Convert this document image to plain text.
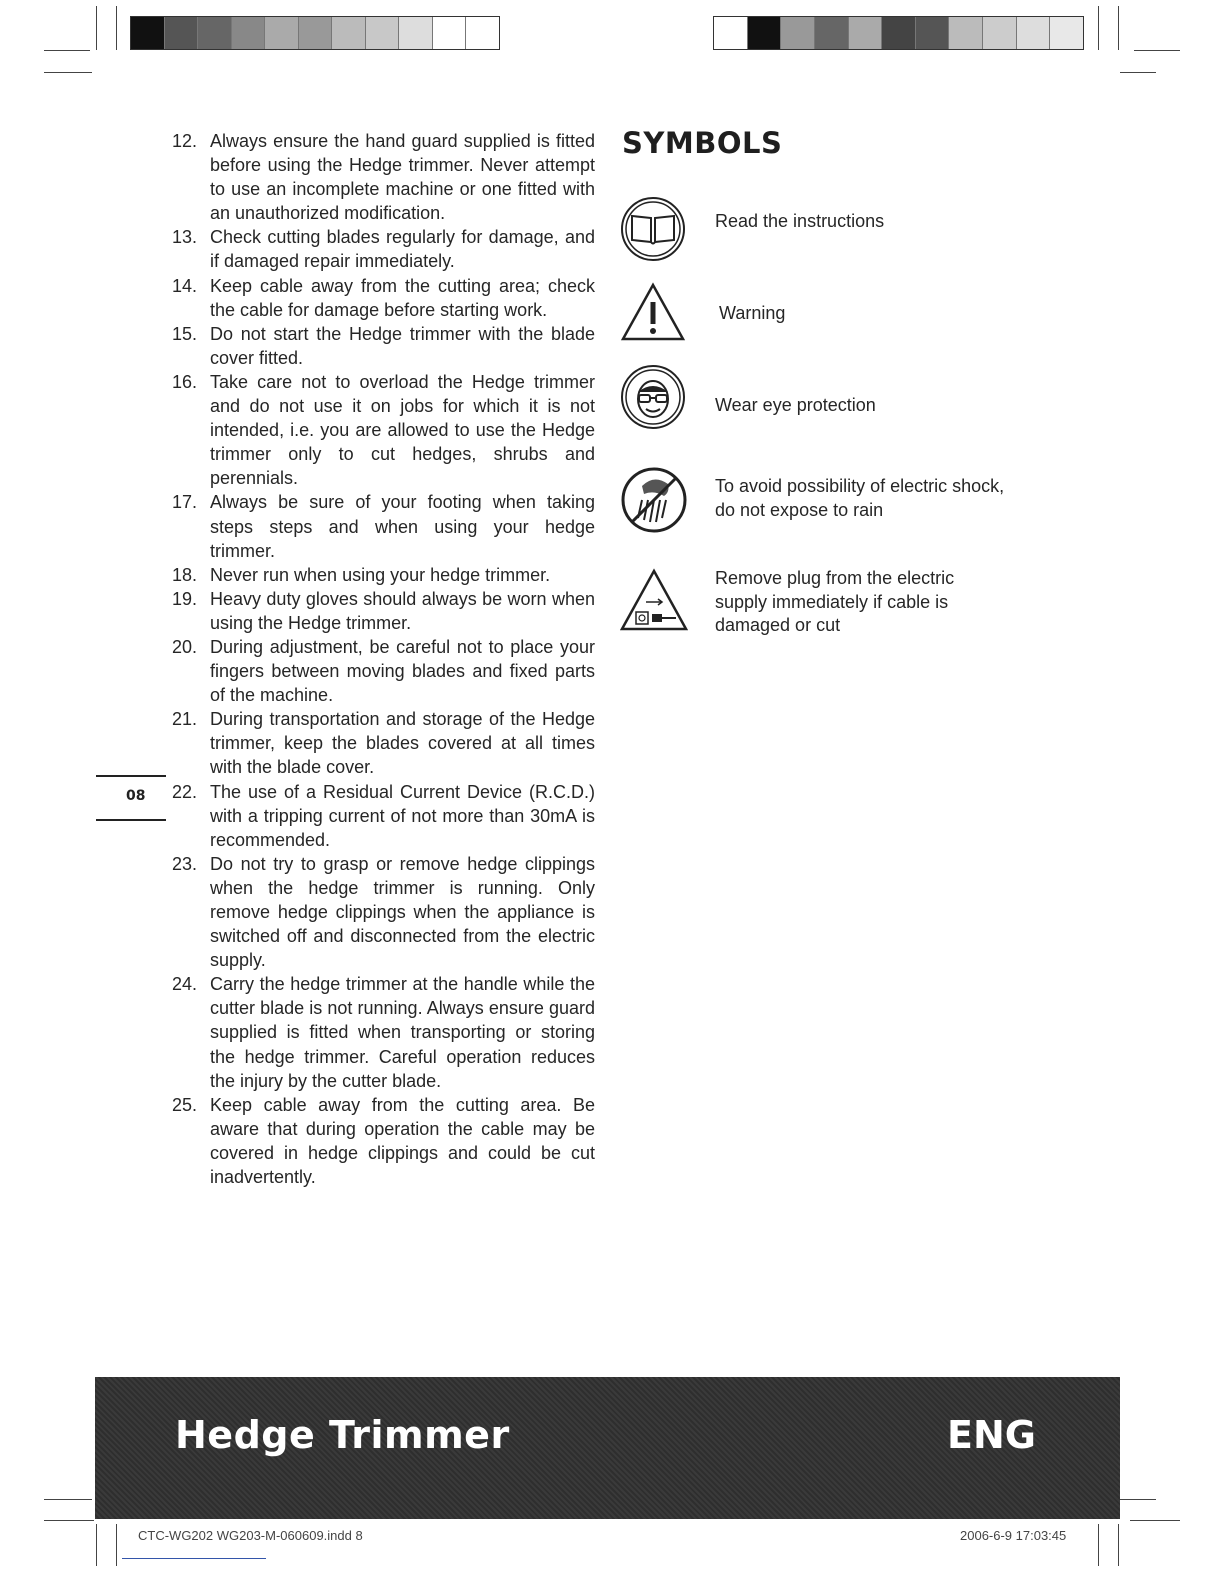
12. Always ensure the hand guard supplied is fitted before using the Hedge trimmer. Never attempt to use an incomplete machine or one fitted with an unauthorized modification.
13. Check cutting blades regularly for damage, and if damaged repair immediately.
14. Keep cable away from the cutting area; check the cable for damage before starting work.
15. Do not start the Hedge trimmer with the blade cover fitted.
16. Take care not to overload the Hedge trimmer and do not use it on jobs for which it is not intended, i.e. you are allowed to use the Hedge trimmer only to cut hedges, shrubs and perennials.
17. Always be sure of your footing when taking steps steps and when using your hedge trimmer.
18. Never run when using your hedge trimmer.
19. Heavy duty gloves should always be worn when using the Hedge trimmer.
20. During adjustment, be careful not to place your fingers between moving blades and fixed parts of the machine.
21. During transportation and storage of the Hedge trimmer, keep the blades covered at all times with the blade cover.
22. The use of a Residual Current Device (R.C.D.) with a tripping current of not more than 30mA is recommended.
23. Do not try to grasp or remove hedge clippings when the hedge trimmer is running. Only remove hedge clippings when the appliance is switched off and disconnected from the electric supply.
24. Carry the hedge trimmer at the handle while the cutter blade is not running. Always ensure guard supplied is fitted when transporting or storing the hedge trimmer. Careful operation reduces the injury by the cutter blade.
25. Keep cable away from the cutting area. Be aware that during operation the cable may be covered in hedge clippings and could be cut inadvertently.
08
SYMBOLS
Read the instructions
Warning
Wear eye protection
To avoid possibility of electric shock, do not expose to rain
Remove plug from the electric supply immediately if cable is damaged or cut
Hedge Trimmer	ENG
CTC-WG202 WG203-M-060609.indd 8	2006-6-9 17:03:45
